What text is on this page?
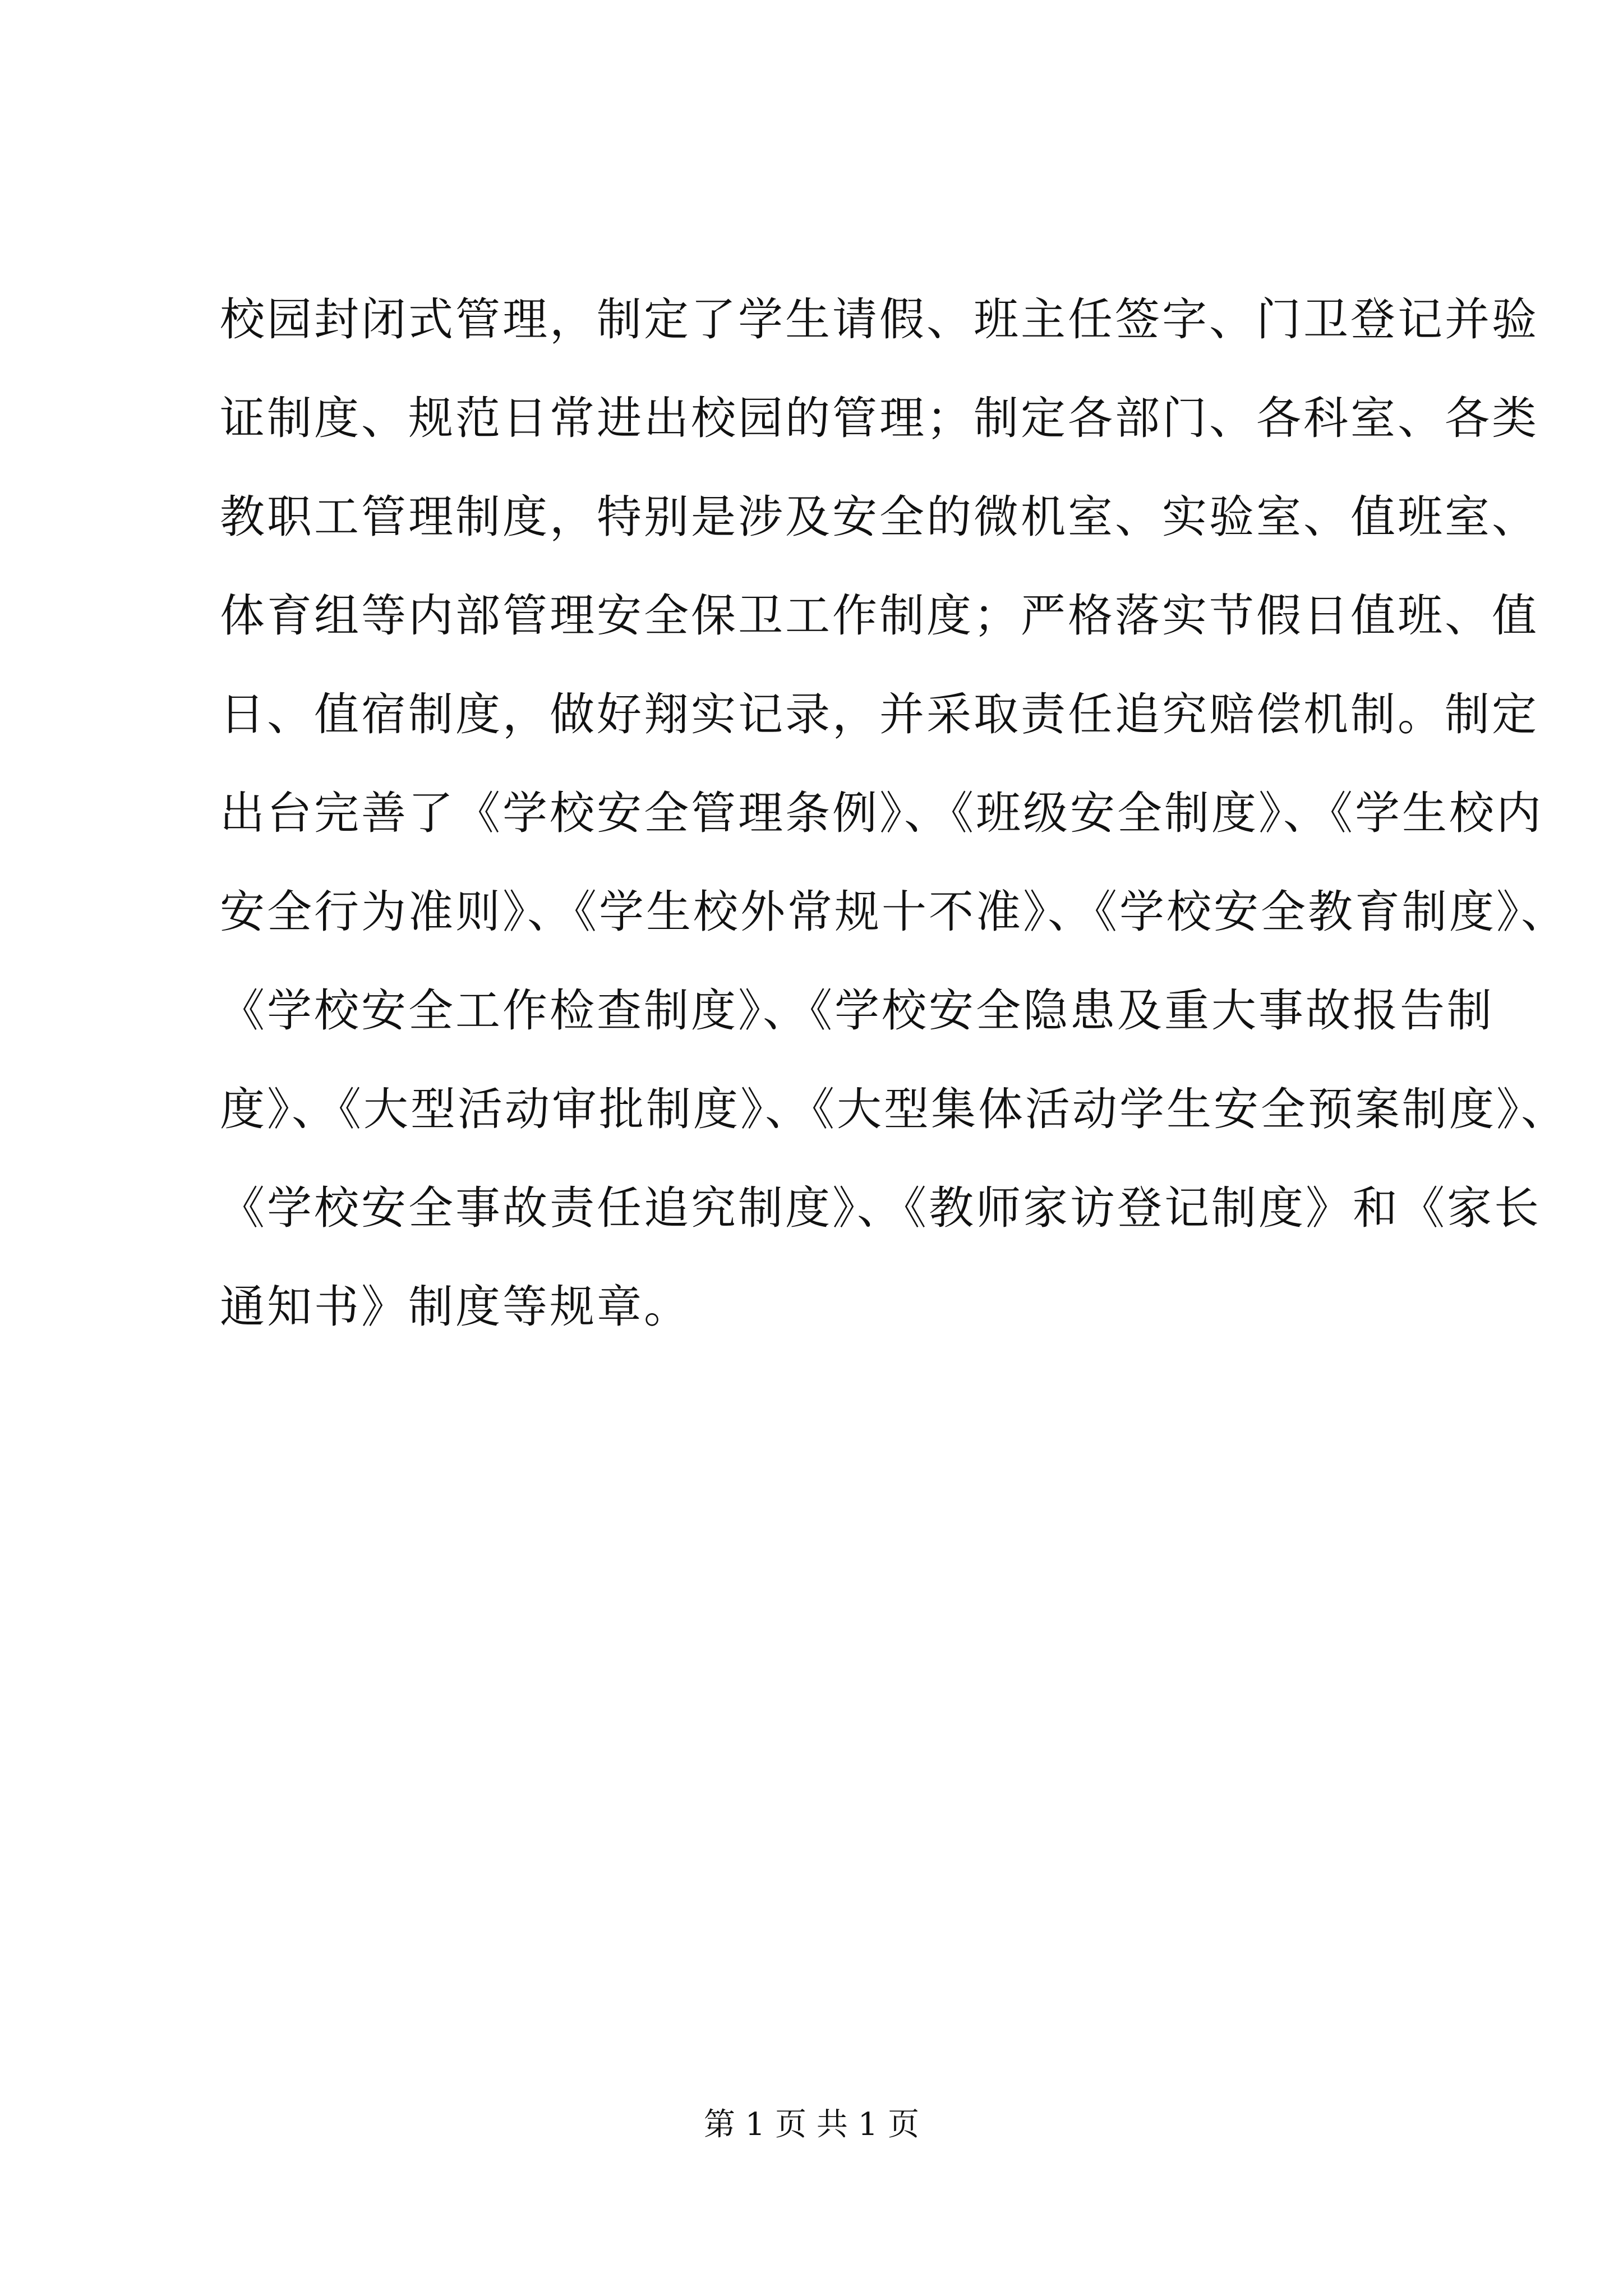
校园封闭式管理，制定了学生请假、班主任签字、门卫登记并验
证制度、规范日常进出校园的管理；制定各部门、各科室、各类
教职工管理制度，特别是涉及安全的微机室、实验室、值班室、
体育组等内部管理安全保卫工作制度；严格落实节假日值班、值
日、值宿制度，做好翔实记录，并采取责任追究赔偿机制。制定
出台完善了《学校安全管理条例》、《班级安全制度》、《学生校内
安全行为准则》、《学生校外常规十不准》、《学校安全教育制度》、
《学校安全工作检查制度》、《学校安全隐患及重大事故报告制
度》、《大型活动审批制度》、《大型集体活动学生安全预案制度》、
《学校安全事故责任追究制度》、《教师家访登记制度》和《家长
通知书》制度等规章。
第 1 页 共 1 页
